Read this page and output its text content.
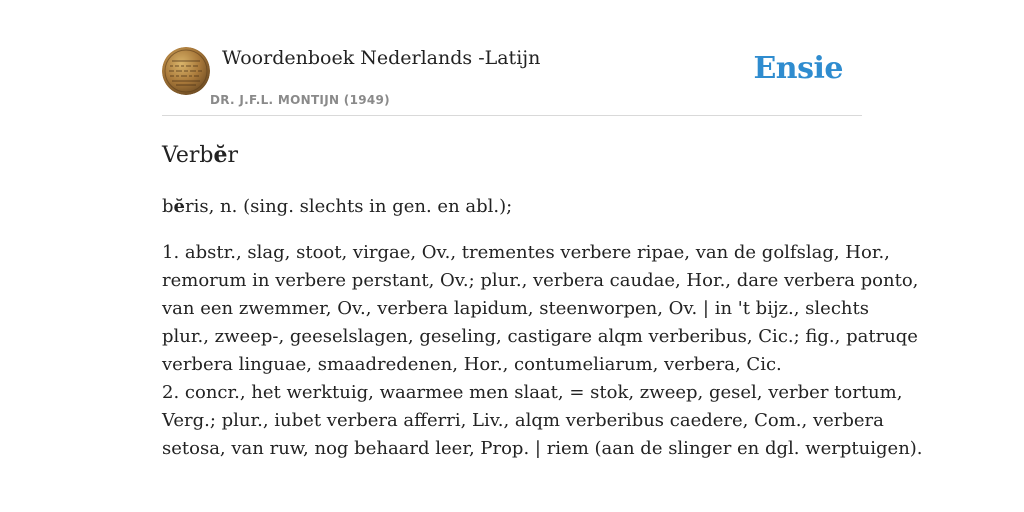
Woordenboek Nederlands -Latijn
DR. J.F.L. MONTIJN (1949)
Ensie
Verbĕr
bĕris, n. (sing. slechts in gen. en abl.);
1. abstr., slag, stoot, virgae, Ov., trementes verbere ripae, van de golfslag, Hor.,
remorum in verbere perstant, Ov.; plur., verbera caudae, Hor., dare verbera ponto,
van een zwemmer, Ov., verbera lapidum, steenworpen, Ov. | in 't bijz., slechts
plur., zweep-, geeselslagen, geseling, castigare alqm verberibus, Cic.; fig., patruqe
verbera linguae, smaadredenen, Hor., contumeliarum, verbera, Cic.
2. concr., het werktuig, waarmee men slaat, = stok, zweep, gesel, verber tortum,
Verg.; plur., iubet verbera afferri, Liv., alqm verberibus caedere, Com., verbera
setosa, van ruw, nog behaard leer, Prop. | riem (aan de slinger en dgl. werptuigen).
